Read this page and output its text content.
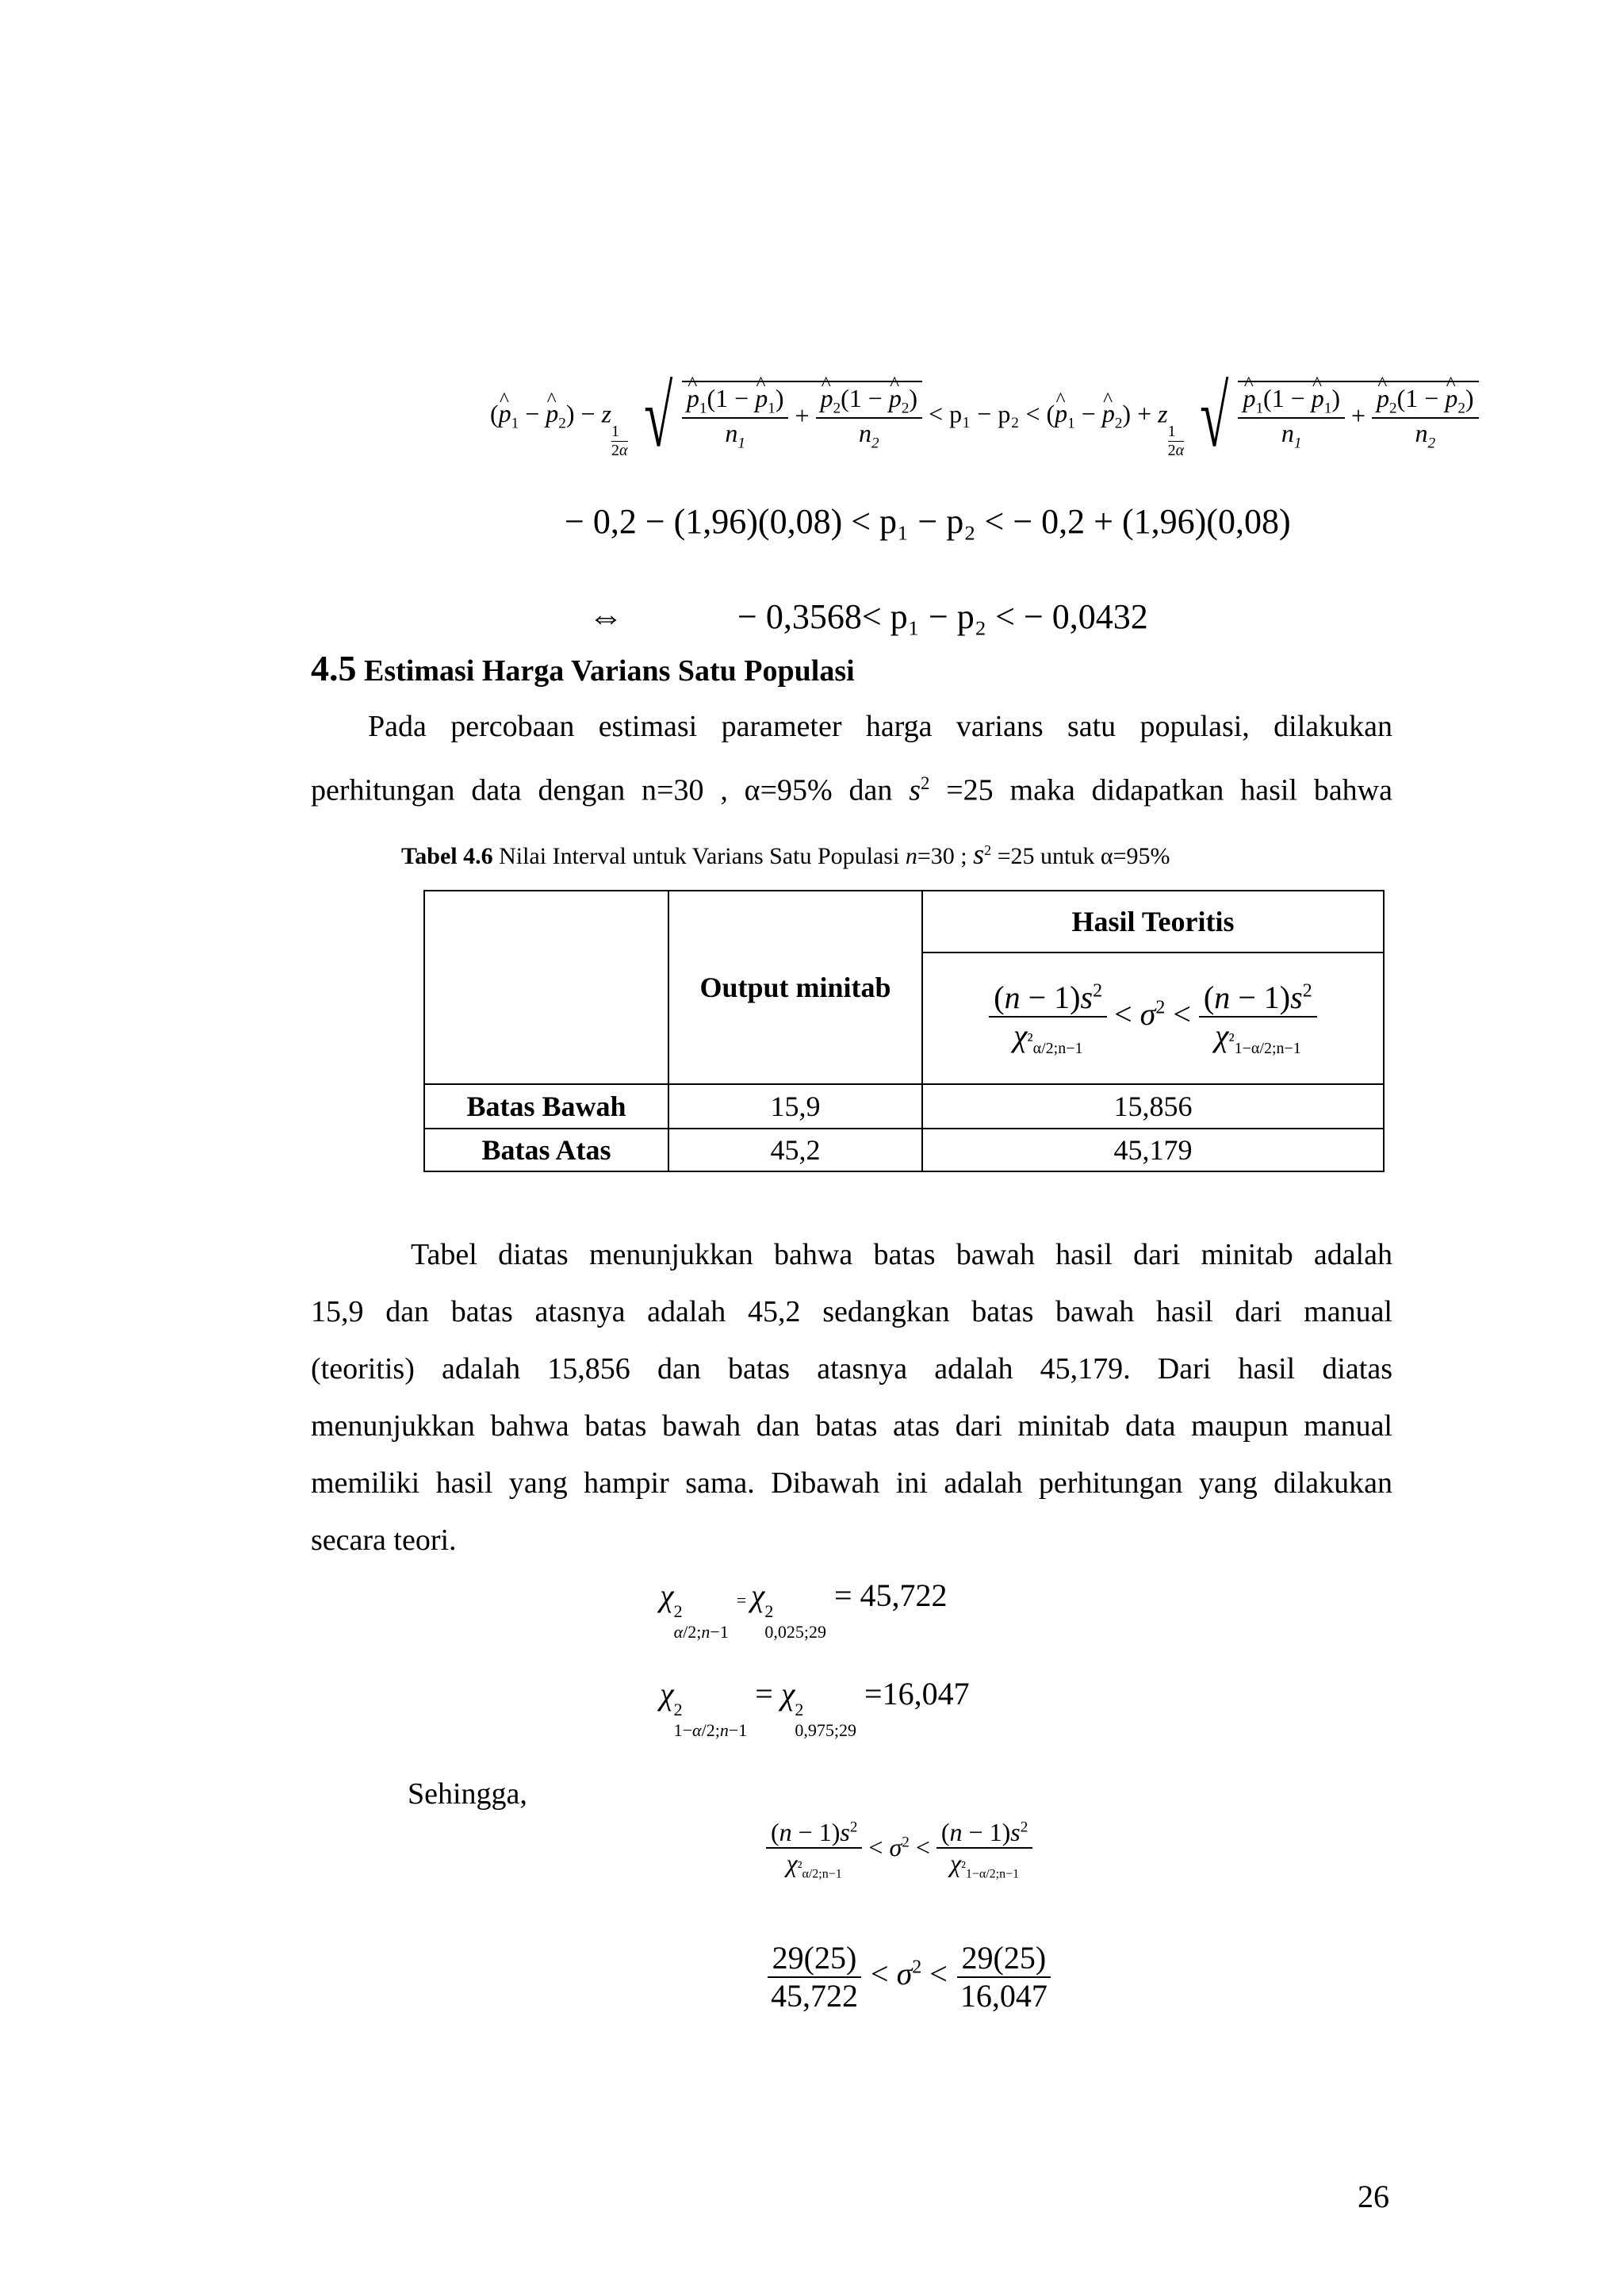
(^ $p_1$ − ^ $p_2) - z$
$\frac{1}{2\alpha}$ √ ^ $\frac{p_1(1 - \^{} p_1)}{n_1}$ + ^ $\frac{p_2(1 - \^{} p_2)}{n_2} < p_1 - p_2$ < (^ $p_1$ − ^ $p_2) + z$
$\frac{1}{2\alpha}$ √ ^ $\frac{p_1(1 - \^{} p_1)}{n_1}$ + ^ $\frac{p_2(1 - \^{} p_2)}{n_2}$
− 0,2 − (1,96)(0,08) < p₁ − p₂ < − 0,2 + (1,96)(0,08)
⇔	− 0,3568< p₁ − p₂ < − 0,0432
4.5 Estimasi Harga Varians Satu Populasi
Pada percobaan estimasi parameter harga varians satu populasi, dilakukan
perhitungan data dengan n=30 , α=95% dan $s^2 =25$ maka didapatkan hasil bahwa
Tabel 4.6 Nilai Interval untuk Varians Satu Populasi n=30 ; $s^2 =25$ untuk α=95%
	Output minitab	Hasil Teoritis

		$\frac{(n - 1)s^2}{\chi^2_{\alpha/2;n-1}} < \sigma^2 < \frac{(n - 1)s^2}{\chi^2_{1-\alpha/2;n-1}}$

Batas Bawah	15,9	15,856
Batas Atas	45,2	45,179
Tabel diatas menunjukkan bahwa batas bawah hasil dari minitab adalah
15,9 dan batas atasnya adalah 45,2 sedangkan batas bawah hasil dari manual
(teoritis) adalah 15,856 dan batas atasnya adalah 45,179. Dari hasil diatas
menunjukkan bahwa batas bawah dan batas atas dari minitab data maupun manual
memiliki hasil yang hampir sama. Dibawah ini adalah perhitungan yang dilakukan
secara teori.
χ 2
α/2;n−1
= χ 2
0,025;29
= 45,722
χ 2
1−α/2;n−1
= χ 2
0,975;29
=16,047
Sehingga,
$\frac{(n - 1)s^2}{\chi^2_{\alpha/2;n-1}} < \sigma^2 < \frac{(n - 1)s^2}{\chi^2_{1-\alpha/2;n-1}}$
$\frac{29(25)}{45,722} < \sigma^2 < \frac{29(25)}{16,047}$
26
